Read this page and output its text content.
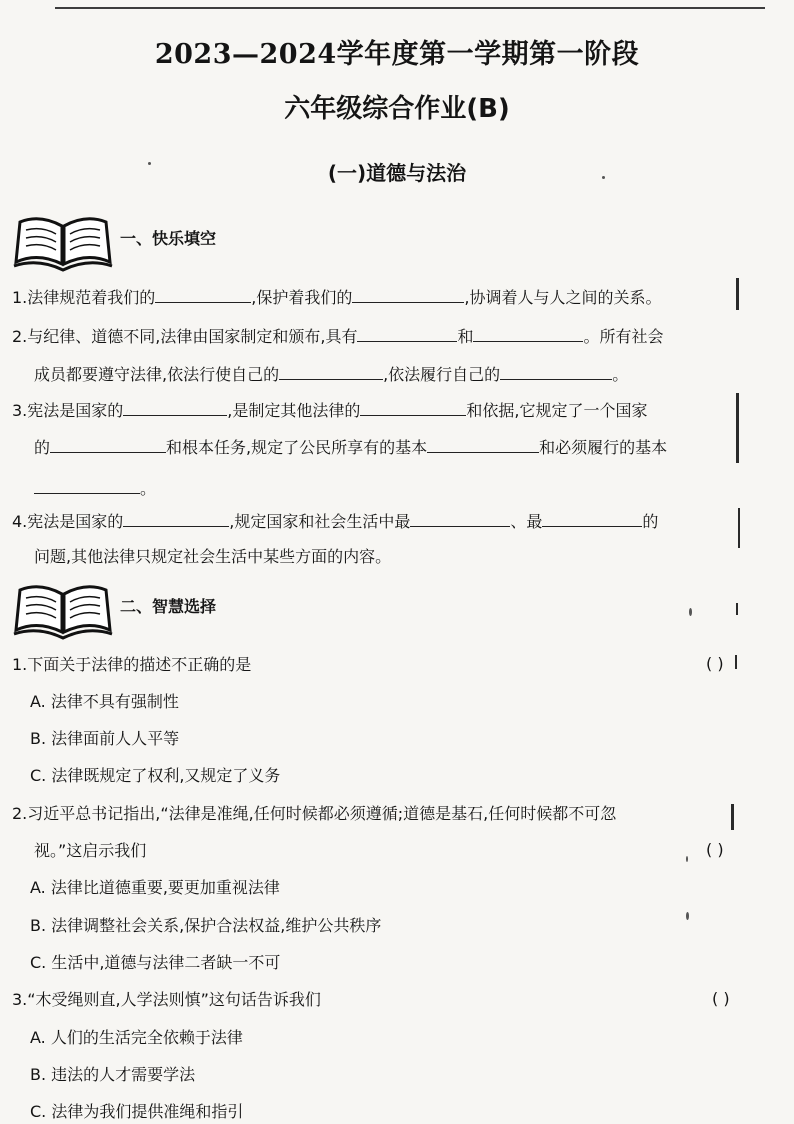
2023—2024学年度第一学期第一阶段
六年级综合作业(B)
(一)道德与法治
一、快乐填空
1.法律规范着我们的	,保护着我们的	,协调着人与人之间的关系。
2.与纪律、道德不同,法律由国家制定和颁布,具有	和	。所有社会
成员都要遵守法律,依法行使自己的	,依法履行自己的	。
3.宪法是国家的	,是制定其他法律的	和依据,它规定了一个国家
的	和根本任务,规定了公民所享有的基本	和必须履行的基本
。
4.宪法是国家的	,规定国家和社会生活中最	、最	的
问题,其他法律只规定社会生活中某些方面的内容。
二、智慧选择
1.下面关于法律的描述不正确的是	( )
A. 法律不具有强制性
B. 法律面前人人平等
C. 法律既规定了权利,又规定了义务
2.习近平总书记指出,“法律是准绳,任何时候都必须遵循;道德是基石,任何时候都不可忽
视。”这启示我们	( )
A. 法律比道德重要,要更加重视法律
B. 法律调整社会关系,保护合法权益,维护公共秩序
C. 生活中,道德与法律二者缺一不可
3.“木受绳则直,人学法则慎”这句话告诉我们	( )
A. 人们的生活完全依赖于法律
B. 违法的人才需要学法
C. 法律为我们提供准绳和指引
